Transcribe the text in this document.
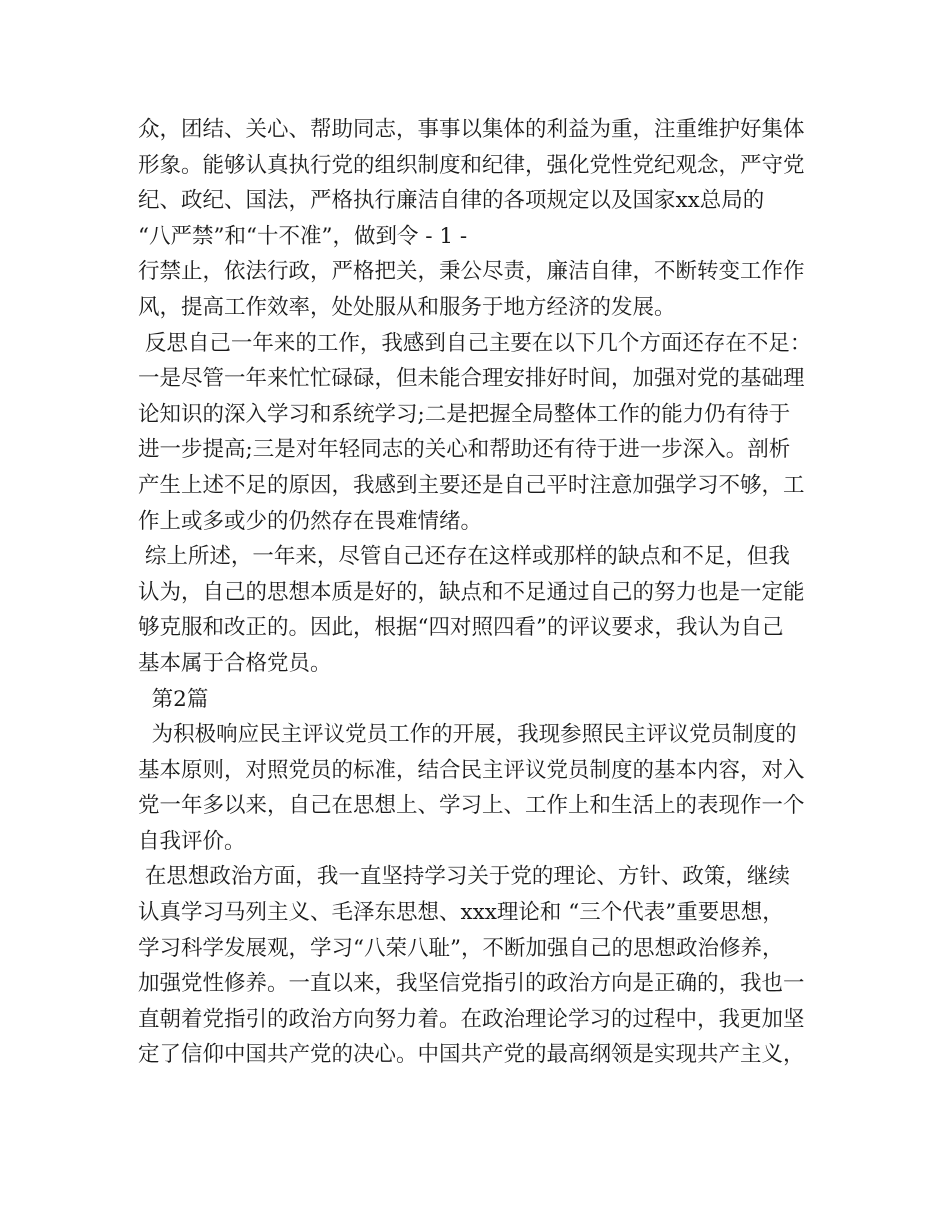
众，团结、关心、帮助同志，事事以集体的利益为重，注重维护好集体
形象。能够认真执行党的组织制度和纪律，强化党性党纪观念，严守党
纪、政纪、国法，严格执行廉洁自律的各项规定以及国家xx总局的
“八严禁”和“十不准”，做到令 - 1 -
行禁止，依法行政，严格把关，秉公尽责，廉洁自律，不断转变工作作
风，提高工作效率，处处服从和服务于地方经济的发展。
反思自己一年来的工作，我感到自己主要在以下几个方面还存在不足：
一是尽管一年来忙忙碌碌，但未能合理安排好时间，加强对党的基础理
论知识的深入学习和系统学习;二是把握全局整体工作的能力仍有待于
进一步提高;三是对年轻同志的关心和帮助还有待于进一步深入。剖析
产生上述不足的原因，我感到主要还是自己平时注意加强学习不够，工
作上或多或少的仍然存在畏难情绪。
综上所述，一年来，尽管自己还存在这样或那样的缺点和不足，但我
认为，自己的思想本质是好的，缺点和不足通过自己的努力也是一定能
够克服和改正的。因此，根据“四对照四看”的评议要求，我认为自己
基本属于合格党员。
第2篇
为积极响应民主评议党员工作的开展，我现参照民主评议党员制度的
基本原则，对照党员的标准，结合民主评议党员制度的基本内容，对入
党一年多以来，自己在思想上、学习上、工作上和生活上的表现作一个
自我评价。
在思想政治方面，我一直坚持学习关于党的理论、方针、政策，继续
认真学习马列主义、毛泽东思想、xxx理论和 “三个代表”重要思想，
学习科学发展观，学习“八荣八耻”，不断加强自己的思想政治修养，
加强党性修养。一直以来，我坚信党指引的政治方向是正确的，我也一
直朝着党指引的政治方向努力着。在政治理论学习的过程中，我更加坚
定了信仰中国共产党的决心。中国共产党的最高纲领是实现共产主义，
